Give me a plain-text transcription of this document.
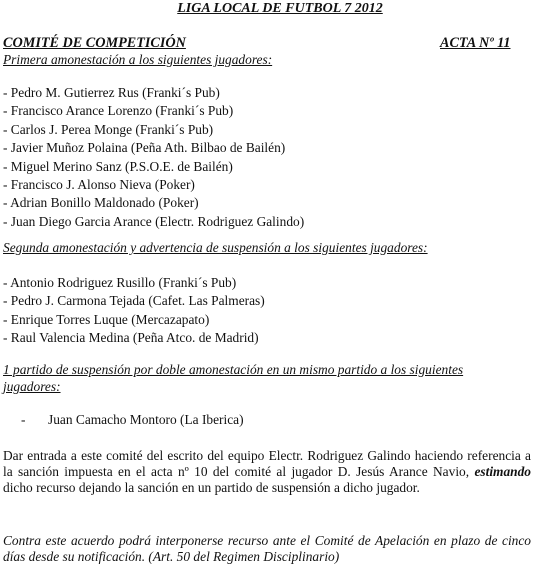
LIGA LOCAL DE FUTBOL 7 2012
COMITÉ DE COMPETICIÓN	ACTA Nº 11
Primera amonestación a los siguientes jugadores:
- Pedro M. Gutierrez Rus (Franki´s Pub)
- Francisco Arance Lorenzo (Franki´s Pub)
- Carlos J. Perea Monge (Franki´s Pub)
- Javier Muñoz Polaina (Peña Ath. Bilbao de Bailén)
- Miguel Merino Sanz (P.S.O.E. de Bailén)
- Francisco J. Alonso Nieva (Poker)
- Adrian Bonillo Maldonado (Poker)
- Juan Diego Garcia Arance (Electr. Rodriguez Galindo)
Segunda amonestación y advertencia de suspensión a los siguientes jugadores:
- Antonio Rodriguez Rusillo (Franki´s Pub)
- Pedro J. Carmona Tejada (Cafet. Las Palmeras)
- Enrique Torres Luque (Mercazapato)
- Raul Valencia Medina (Peña Atco. de Madrid)
1 partido de suspensión por doble amonestación en un mismo partido a los siguientes
jugadores:
- Juan Camacho Montoro (La Iberica)
Dar entrada a este comité del escrito del equipo Electr. Rodriguez Galindo haciendo referencia a la sanción impuesta en el acta nº 10 del comité al jugador D. Jesús Arance Navio, estimando dicho recurso dejando la sanción en un partido de suspensión a dicho jugador.
Contra este acuerdo podrá interponerse recurso ante el Comité de Apelación en plazo de cinco días desde su notificación. (Art. 50 del Regimen Disciplinario)
